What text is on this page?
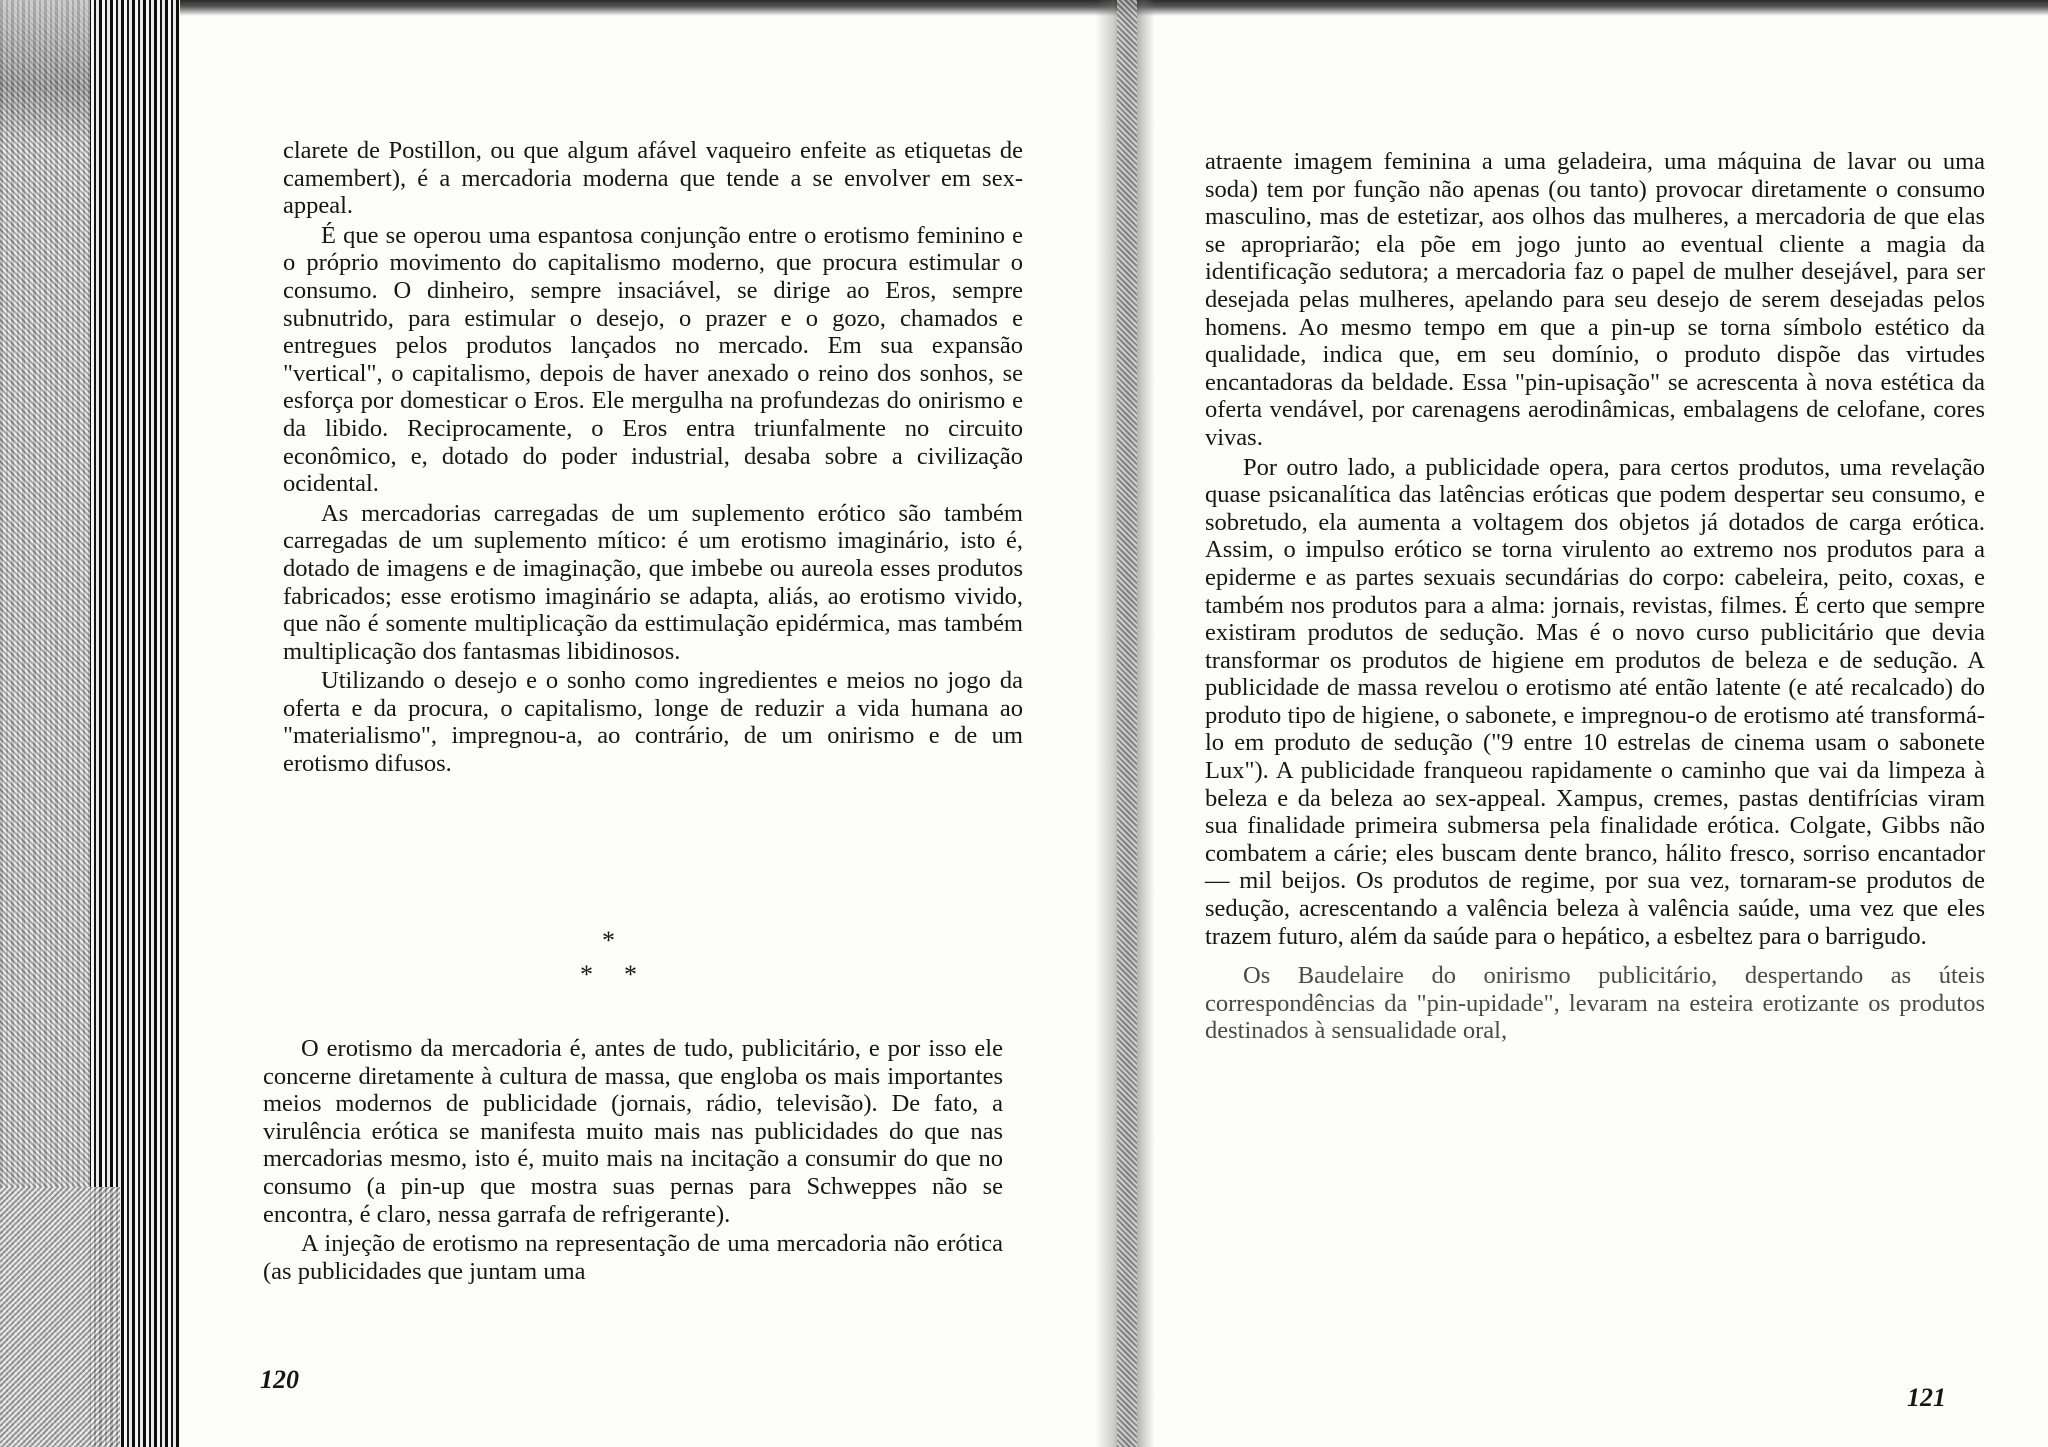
clarete de Postillon, ou que algum afável vaqueiro enfeite as etiquetas de camembert), é a mercadoria moderna que tende a se envolver em sex-appeal.

É que se operou uma espantosa conjunção entre o erotismo feminino e o próprio movimento do capitalismo moderno, que procura estimular o consumo. O dinheiro, sempre insaciável, se dirige ao Eros, sempre subnutrido, para estimular o desejo, o prazer e o gozo, chamados e entregues pelos produtos lançados no mercado. Em sua expansão "vertical", o capitalismo, depois de haver anexado o reino dos sonhos, se esforça por domesticar o Eros. Ele mergulha na profundezas do onirismo e da libido. Reciprocamente, o Eros entra triunfalmente no circuito econômico, e, dotado do poder industrial, desaba sobre a civilização ocidental.

As mercadorias carregadas de um suplemento erótico são também carregadas de um suplemento mítico: é um erotismo imaginário, isto é, dotado de imagens e de imaginação, que imbebe ou aureola esses produtos fabricados; esse erotismo imaginário se adapta, aliás, ao erotismo vivido, que não é somente multiplicação da esttimulação epidérmica, mas também multiplicação dos fantasmas libidinosos.

Utilizando o desejo e o sonho como ingredientes e meios no jogo da oferta e da procura, o capitalismo, longe de reduzir a vida humana ao "materialismo", impregnou-a, ao contrário, de um onirismo e de um erotismo difusos.

*
* *

O erotismo da mercadoria é, antes de tudo, publicitário, e por isso ele concerne diretamente à cultura de massa, que engloba os mais importantes meios modernos de publicidade (jornais, rádio, televisão). De fato, a virulência erótica se manifesta muito mais nas publicidades do que nas mercadorias mesmo, isto é, muito mais na incitação a consumir do que no consumo (a pin-up que mostra suas pernas para Schweppes não se encontra, é claro, nessa garrafa de refrigerante).

A injeção de erotismo na representação de uma mercadoria não erótica (as publicidades que juntam uma

120

atraente imagem feminina a uma geladeira, uma máquina de lavar ou uma soda) tem por função não apenas (ou tanto) provocar diretamente o consumo masculino, mas de estetizar, aos olhos das mulheres, a mercadoria de que elas se apropriarão; ela põe em jogo junto ao eventual cliente a magia da identificação sedutora; a mercadoria faz o papel de mulher desejável, para ser desejada pelas mulheres, apelando para seu desejo de serem desejadas pelos homens. Ao mesmo tempo em que a pin-up se torna símbolo estético da qualidade, indica que, em seu domínio, o produto dispõe das virtudes encantadoras da beldade. Essa "pin-upisação" se acrescenta à nova estética da oferta vendável, por carenagens aerodinâmicas, embalagens de celofane, cores vivas.

Por outro lado, a publicidade opera, para certos produtos, uma revelação quase psicanalítica das latências eróticas que podem despertar seu consumo, e sobretudo, ela aumenta a voltagem dos objetos já dotados de carga erótica. Assim, o impulso erótico se torna virulento ao extremo nos produtos para a epiderme e as partes sexuais secundárias do corpo: cabeleira, peito, coxas, e também nos produtos para a alma: jornais, revistas, filmes. É certo que sempre existiram produtos de sedução. Mas é o novo curso publicitário que devia transformar os produtos de higiene em produtos de beleza e de sedução. A publicidade de massa revelou o erotismo até então latente (e até recalcado) do produto tipo de higiene, o sabonete, e impregnou-o de erotismo até transformá-lo em produto de sedução ("9 entre 10 estrelas de cinema usam o sabonete Lux"). A publicidade franqueou rapidamente o caminho que vai da limpeza à beleza e da beleza ao sex-appeal. Xampus, cremes, pastas dentifrícias viram sua finalidade primeira submersa pela finalidade erótica. Colgate, Gibbs não combatem a cárie; eles buscam dente branco, hálito fresco, sorriso encantador — mil beijos. Os produtos de regime, por sua vez, tornaram-se produtos de sedução, acrescentando a valência beleza à valência saúde, uma vez que eles trazem futuro, além da saúde para o hepático, a esbeltez para o barrigudo.

Os Baudelaire do onirismo publicitário, despertando as úteis correspondências da "pin-upidade", levaram na esteira erotizante os produtos destinados à sensualidade oral,

121
